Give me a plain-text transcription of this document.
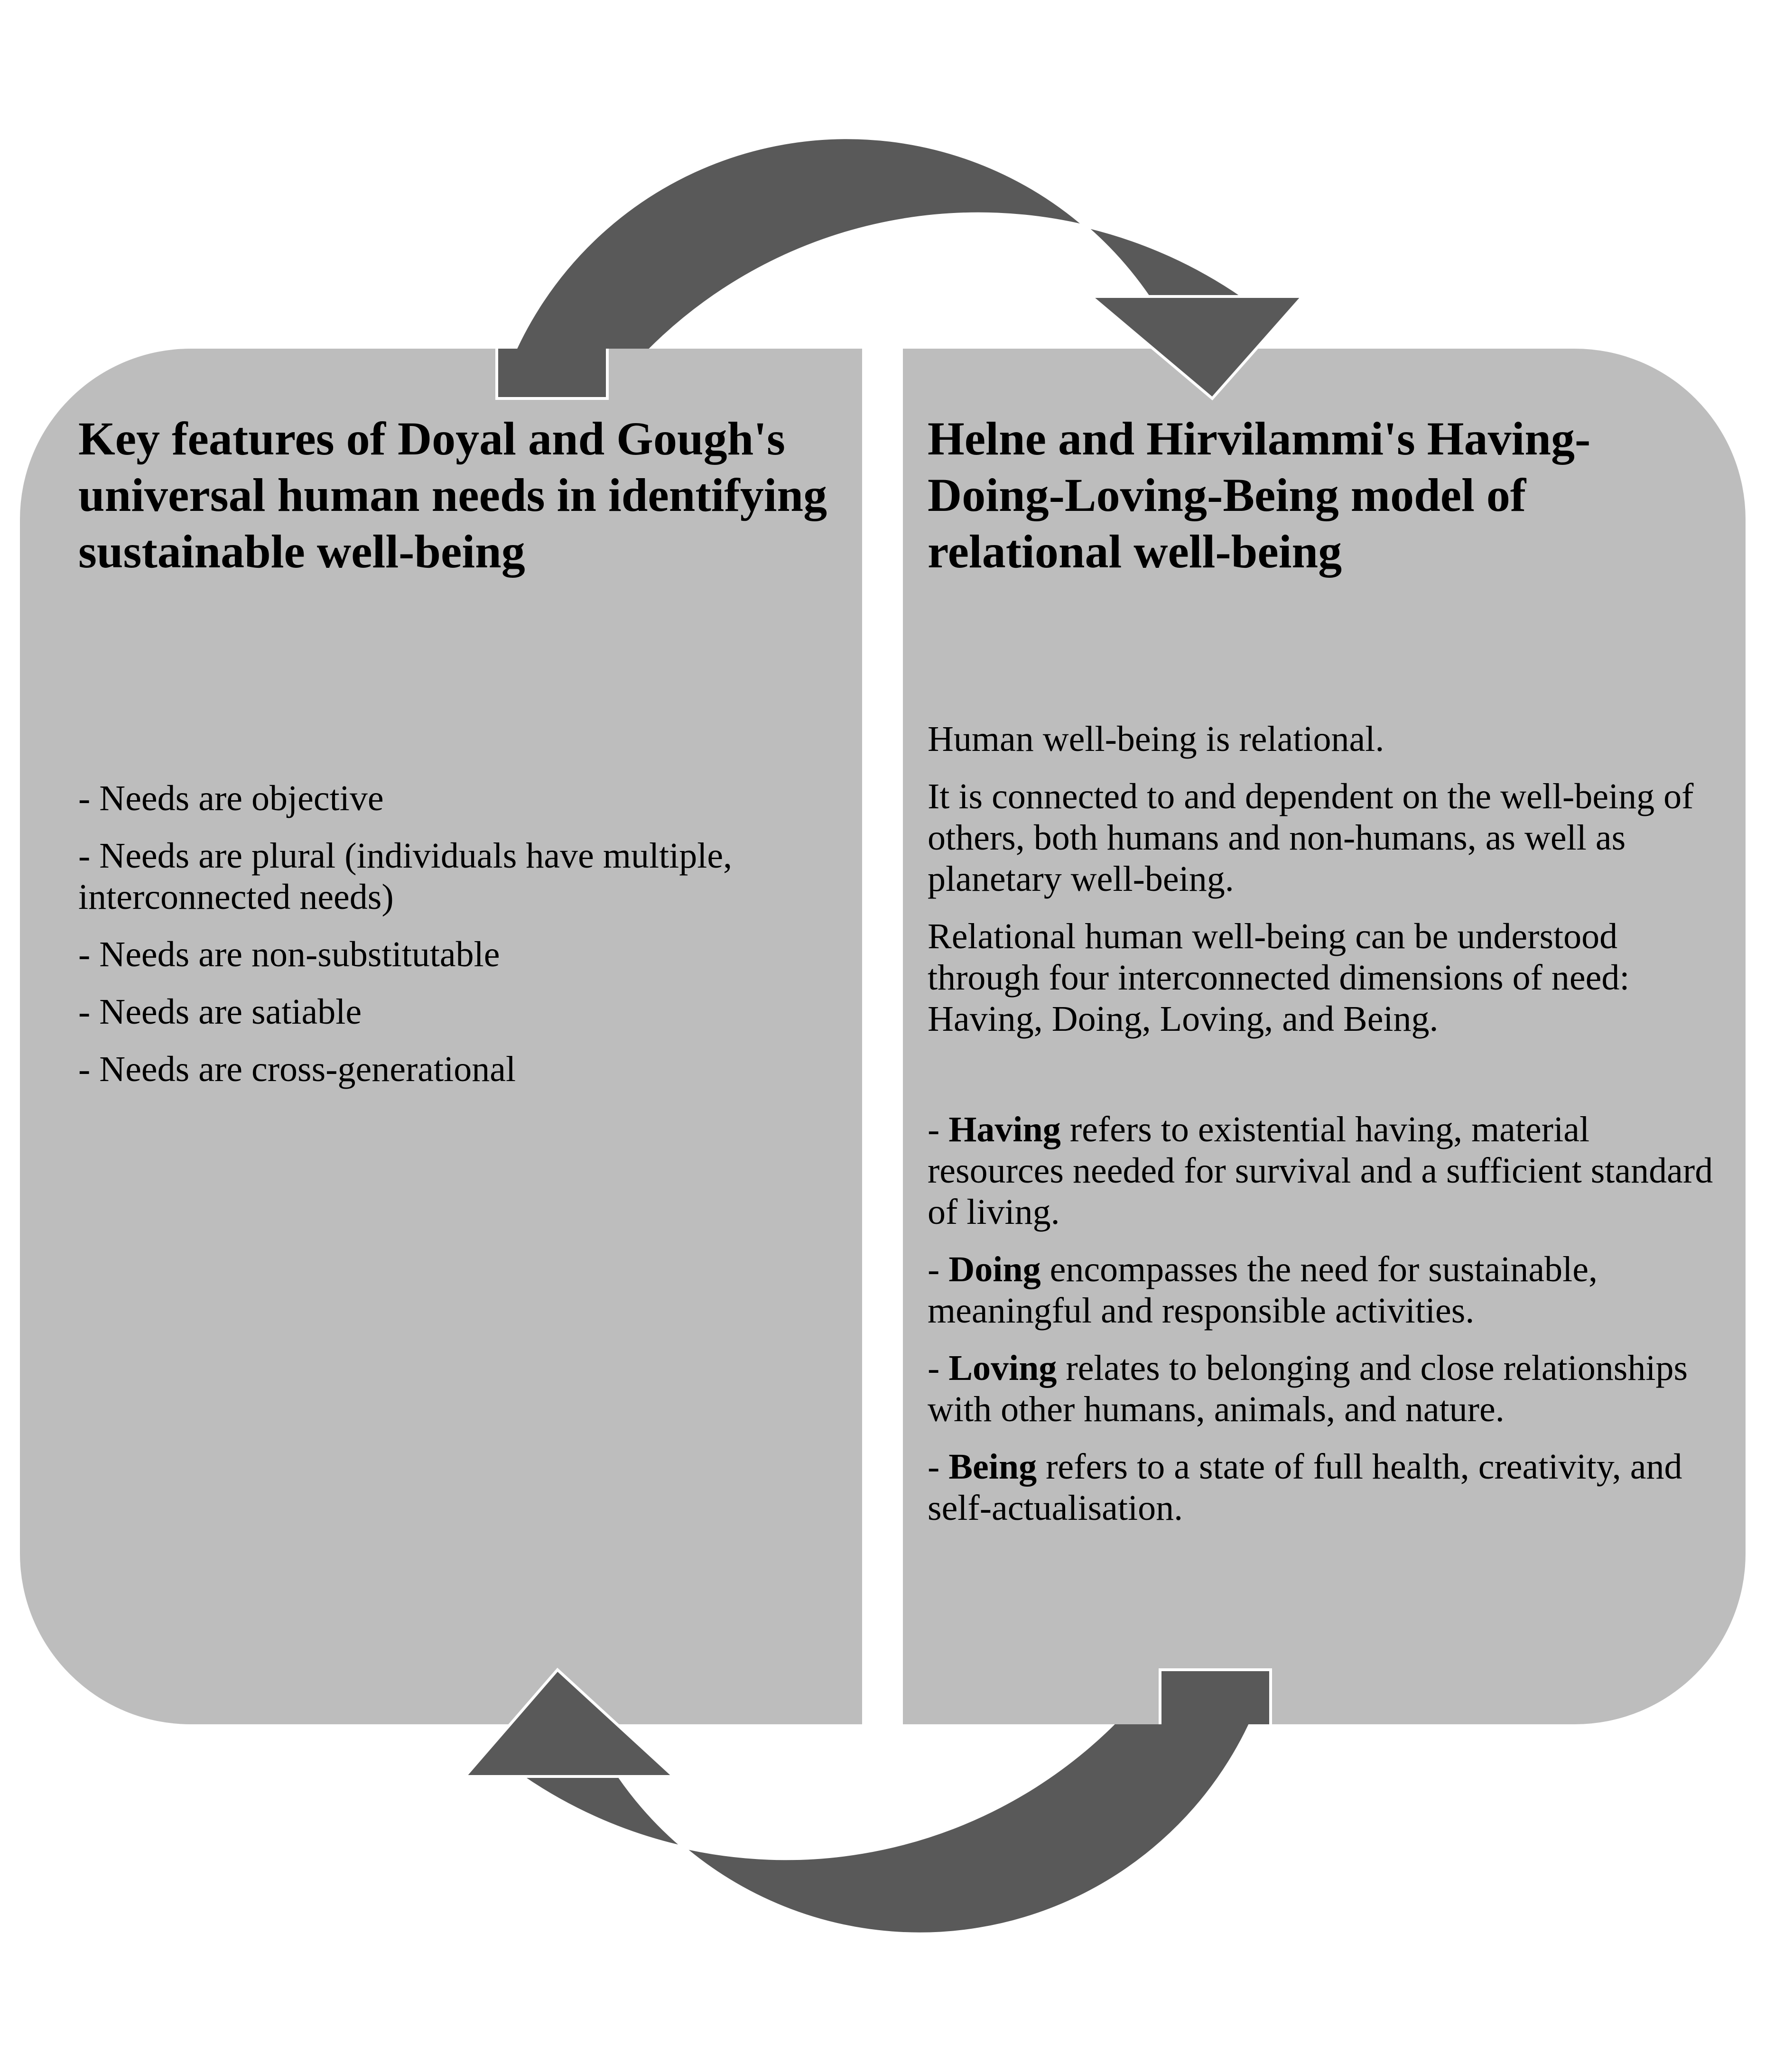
Key features of Doyal and Gough's universal human needs in identifying sustainable well-being

- Needs are objective

- Needs are plural (individuals have multiple, interconnected needs)

- Needs are non-substitutable

- Needs are satiable

- Needs are cross-generational

Helne and Hirvilammi's Having-Doing-Loving-Being model of relational well-being

Human well-being is relational.

It is connected to and dependent on the well-being of others, both humans and non-humans, as well as planetary well-being.

Relational human well-being can be understood through four interconnected dimensions of need: Having, Doing, Loving, and Being.

- Having refers to existential having, material resources needed for survival and a sufficient standard of living.

- Doing encompasses the need for sustainable, meaningful and responsible activities.

- Loving relates to belonging and close relationships with other humans, animals, and nature.

- Being refers to a state of full health, creativity, and self-actualisation.
